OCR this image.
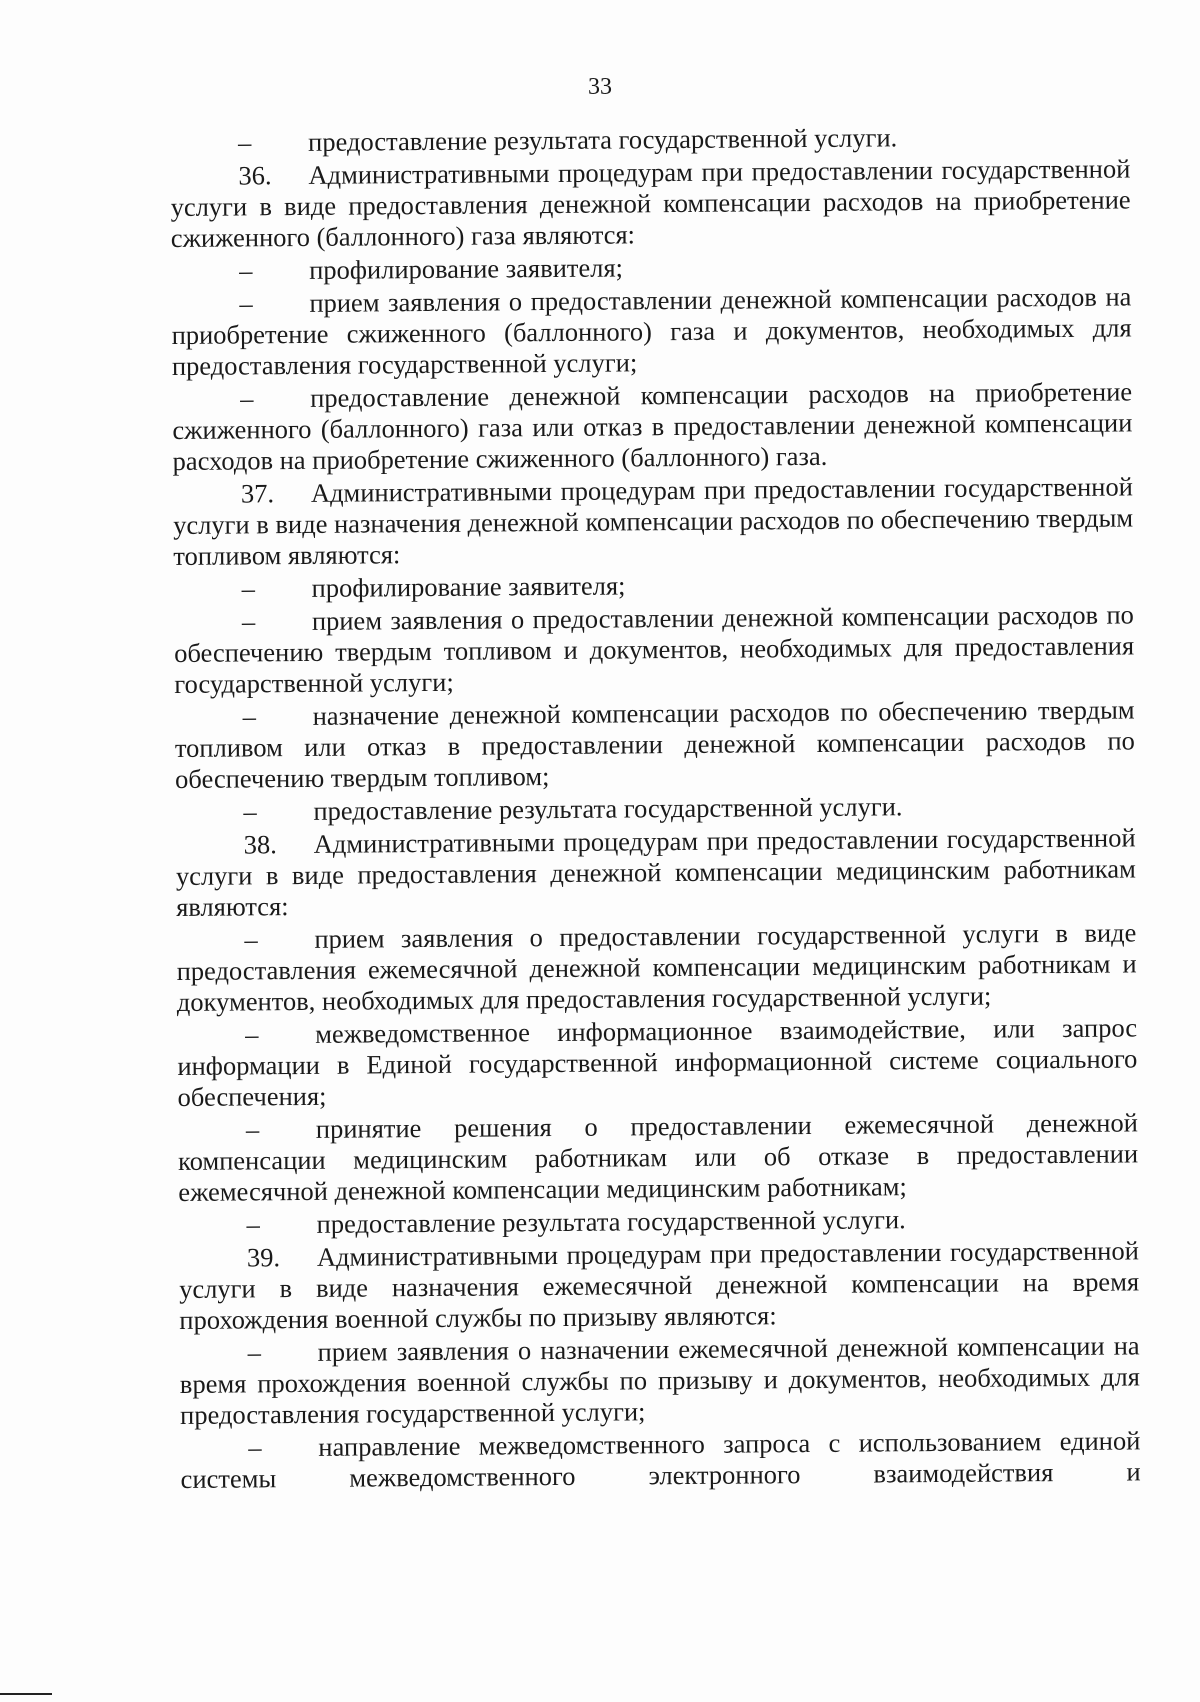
33

– предоставление результата государственной услуги.

36. Административными процедурам при предоставлении государственной услуги в виде предоставления денежной компенсации расходов на приобретение сжиженного (баллонного) газа являются:

– профилирование заявителя;

– прием заявления о предоставлении денежной компенсации расходов на приобретение сжиженного (баллонного) газа и документов, необходимых для предоставления государственной услуги;

– предоставление денежной компенсации расходов на приобретение сжиженного (баллонного) газа или отказ в предоставлении денежной компенсации расходов на приобретение сжиженного (баллонного) газа.

37. Административными процедурам при предоставлении государственной услуги в виде назначения денежной компенсации расходов по обеспечению твердым топливом являются:

– профилирование заявителя;

– прием заявления о предоставлении денежной компенсации расходов по обеспечению твердым топливом и документов, необходимых для предоставления государственной услуги;

– назначение денежной компенсации расходов по обеспечению твердым топливом или отказ в предоставлении денежной компенсации расходов по обеспечению твердым топливом;

– предоставление результата государственной услуги.

38. Административными процедурам при предоставлении государственной услуги в виде предоставления денежной компенсации медицинским работникам являются:

– прием заявления о предоставлении государственной услуги в виде предоставления ежемесячной денежной компенсации медицинским работникам и документов, необходимых для предоставления государственной услуги;

– межведомственное информационное взаимодействие, или запрос информации в Единой государственной информационной системе социального обеспечения;

– принятие решения о предоставлении ежемесячной денежной компенсации медицинским работникам или об отказе в предоставлении ежемесячной денежной компенсации медицинским работникам;

– предоставление результата государственной услуги.

39. Административными процедурам при предоставлении государственной услуги в виде назначения ежемесячной денежной компенсации на время прохождения военной службы по призыву являются:

– прием заявления о назначении ежемесячной денежной компенсации на время прохождения военной службы по призыву и документов, необходимых для предоставления государственной услуги;

– направление межведомственного запроса с использованием единой системы межведомственного электронного взаимодействия и
